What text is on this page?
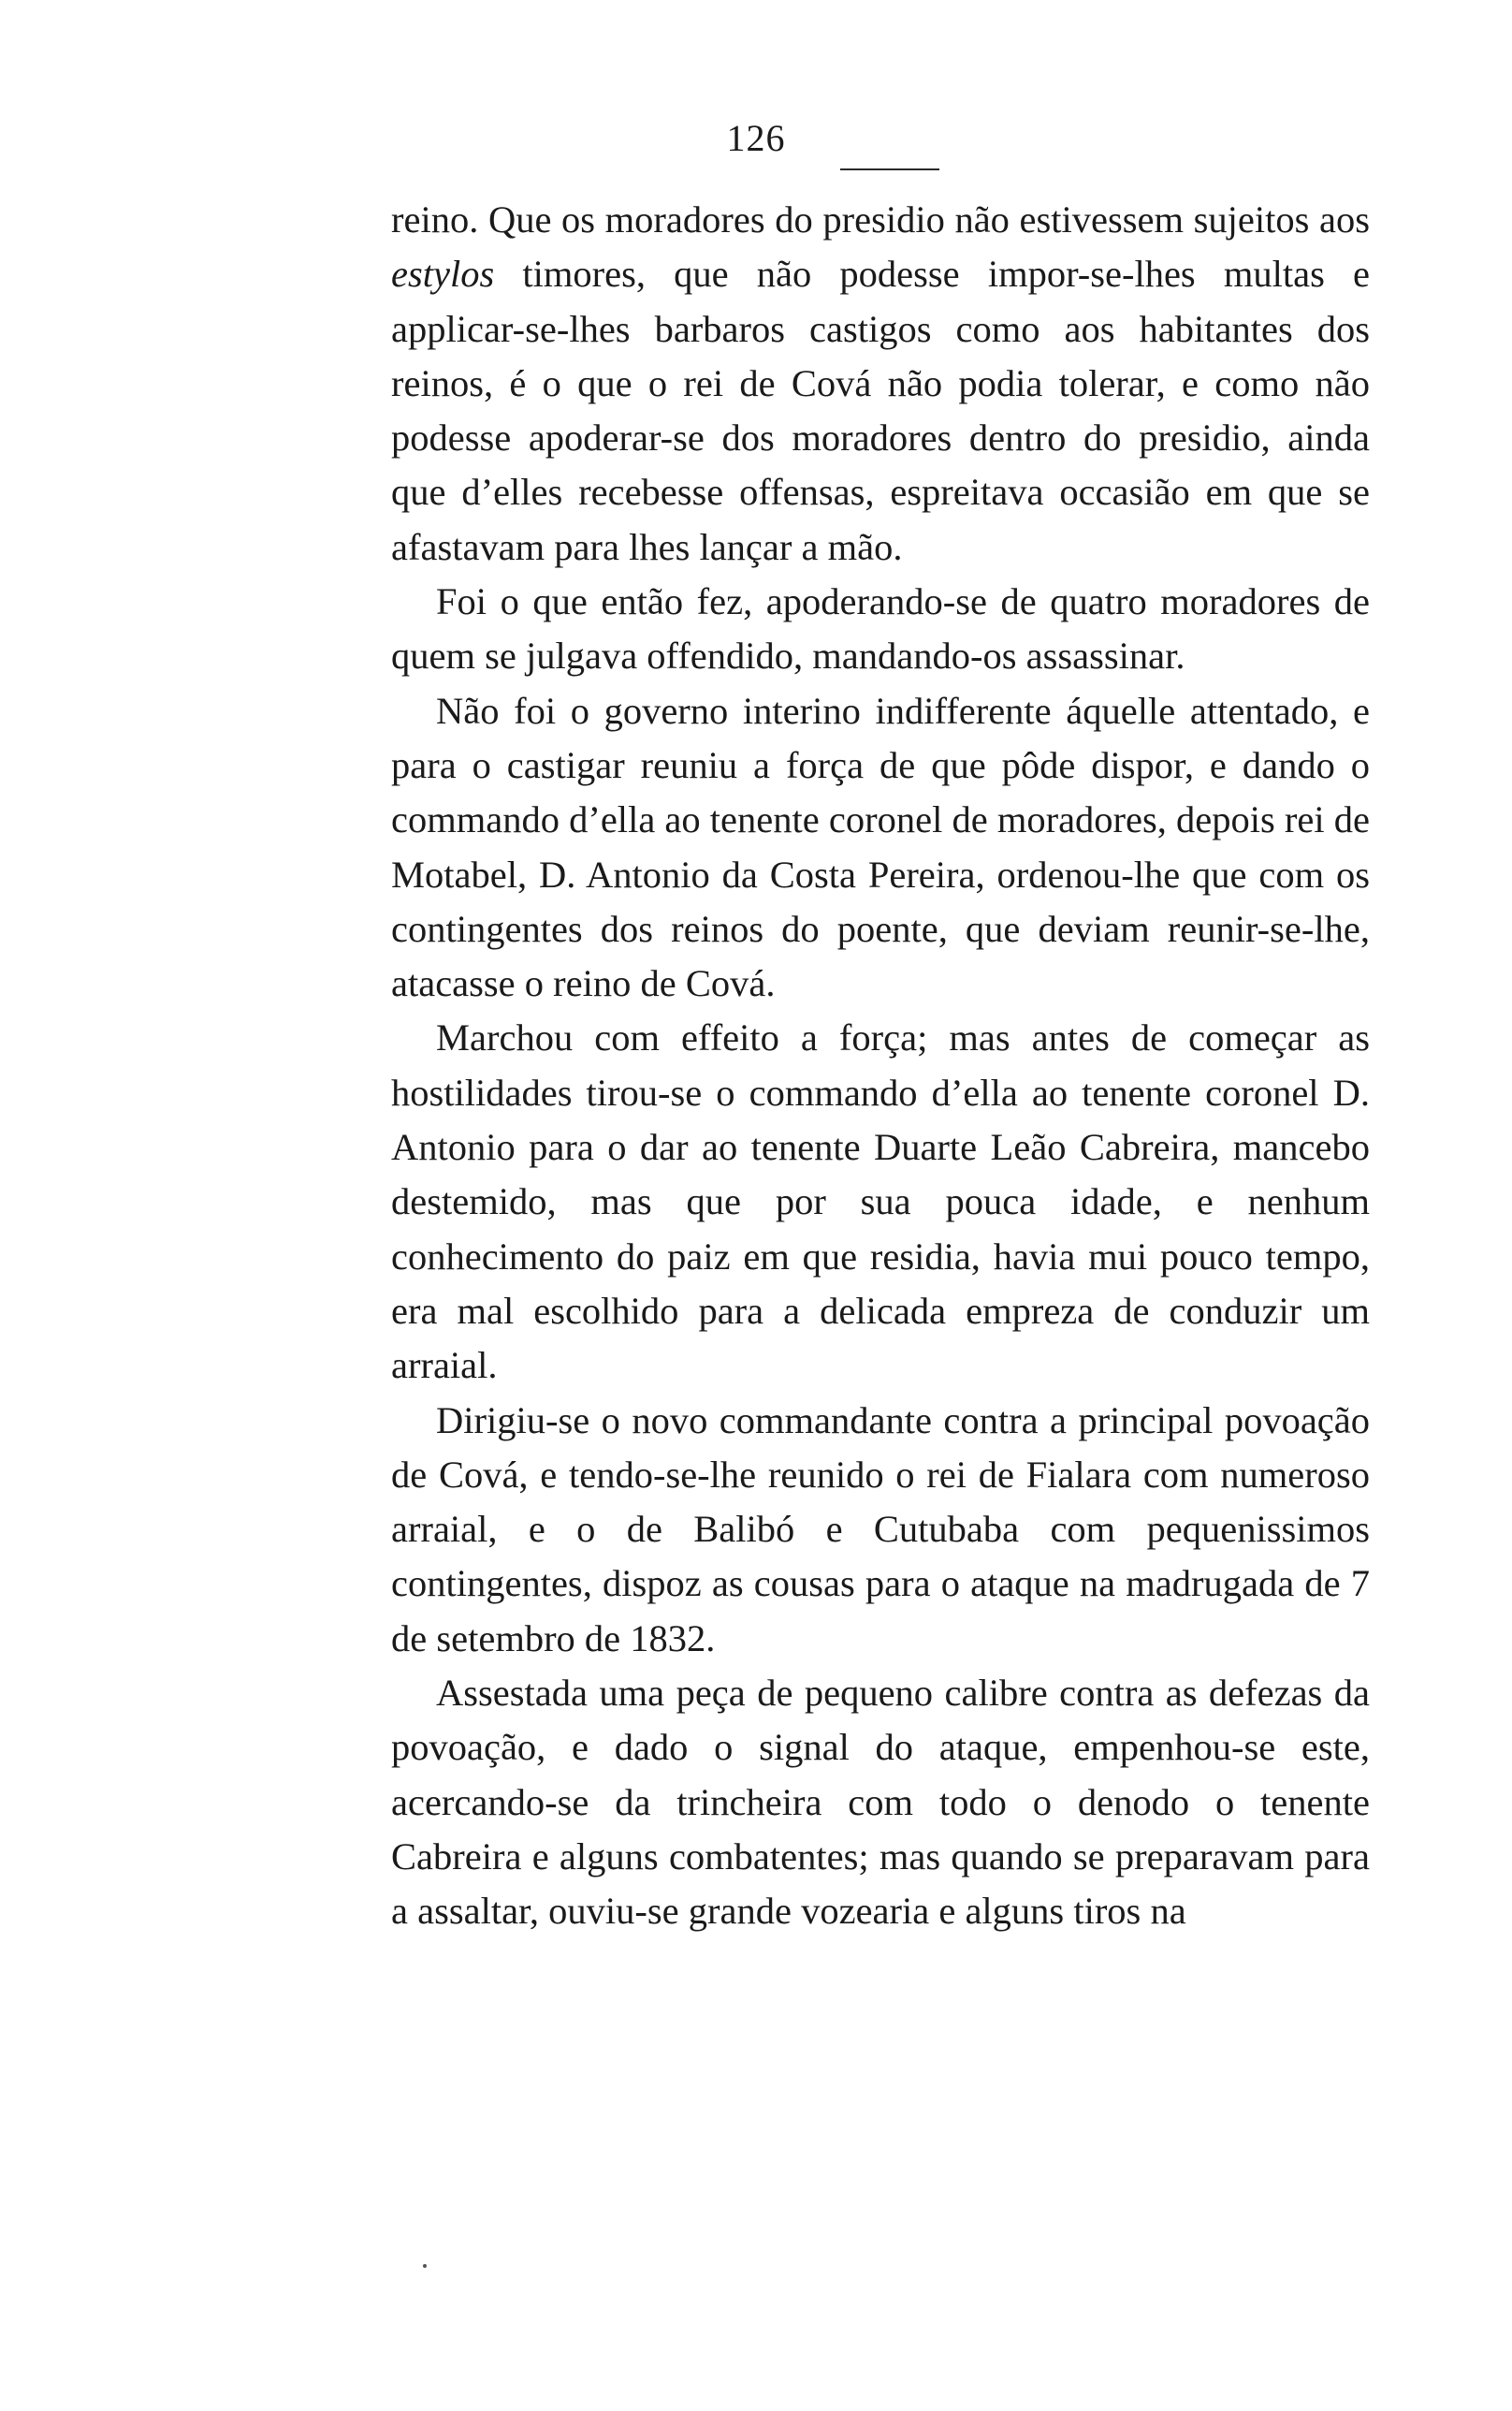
126

reino. Que os moradores do presidio não estivessem sujeitos aos estylos timores, que não podesse impor-se-lhes multas e applicar-se-lhes barbaros castigos como aos habitantes dos reinos, é o que o rei de Cová não podia tolerar, e como não podesse apoderar-se dos moradores dentro do presidio, ainda que d’elles recebesse offensas, espreitava occasião em que se afastavam para lhes lançar a mão.

Foi o que então fez, apoderando-se de quatro moradores de quem se julgava offendido, mandando-os assassinar.

Não foi o governo interino indifferente áquelle attentado, e para o castigar reuniu a força de que pôde dispor, e dando o commando d’ella ao tenente coronel de moradores, depois rei de Motabel, D. Antonio da Costa Pereira, ordenou-lhe que com os contingentes dos reinos do poente, que deviam reunir-se-lhe, atacasse o reino de Cová.

Marchou com effeito a força; mas antes de começar as hostilidades tirou-se o commando d’ella ao tenente coronel D. Antonio para o dar ao tenente Duarte Leão Cabreira, mancebo destemido, mas que por sua pouca idade, e nenhum conhecimento do paiz em que residia, havia mui pouco tempo, era mal escolhido para a delicada empreza de conduzir um arraial.

Dirigiu-se o novo commandante contra a principal povoação de Cová, e tendo-se-lhe reunido o rei de Fialara com numeroso arraial, e o de Balibó e Cutubaba com pequenissimos contingentes, dispoz as cousas para o ataque na madrugada de 7 de setembro de 1832.

Assestada uma peça de pequeno calibre contra as defezas da povoação, e dado o signal do ataque, empenhou-se este, acercando-se da trincheira com todo o denodo o tenente Cabreira e alguns combatentes; mas quando se preparavam para a assaltar, ouviu-se grande vozearia e alguns tiros na
